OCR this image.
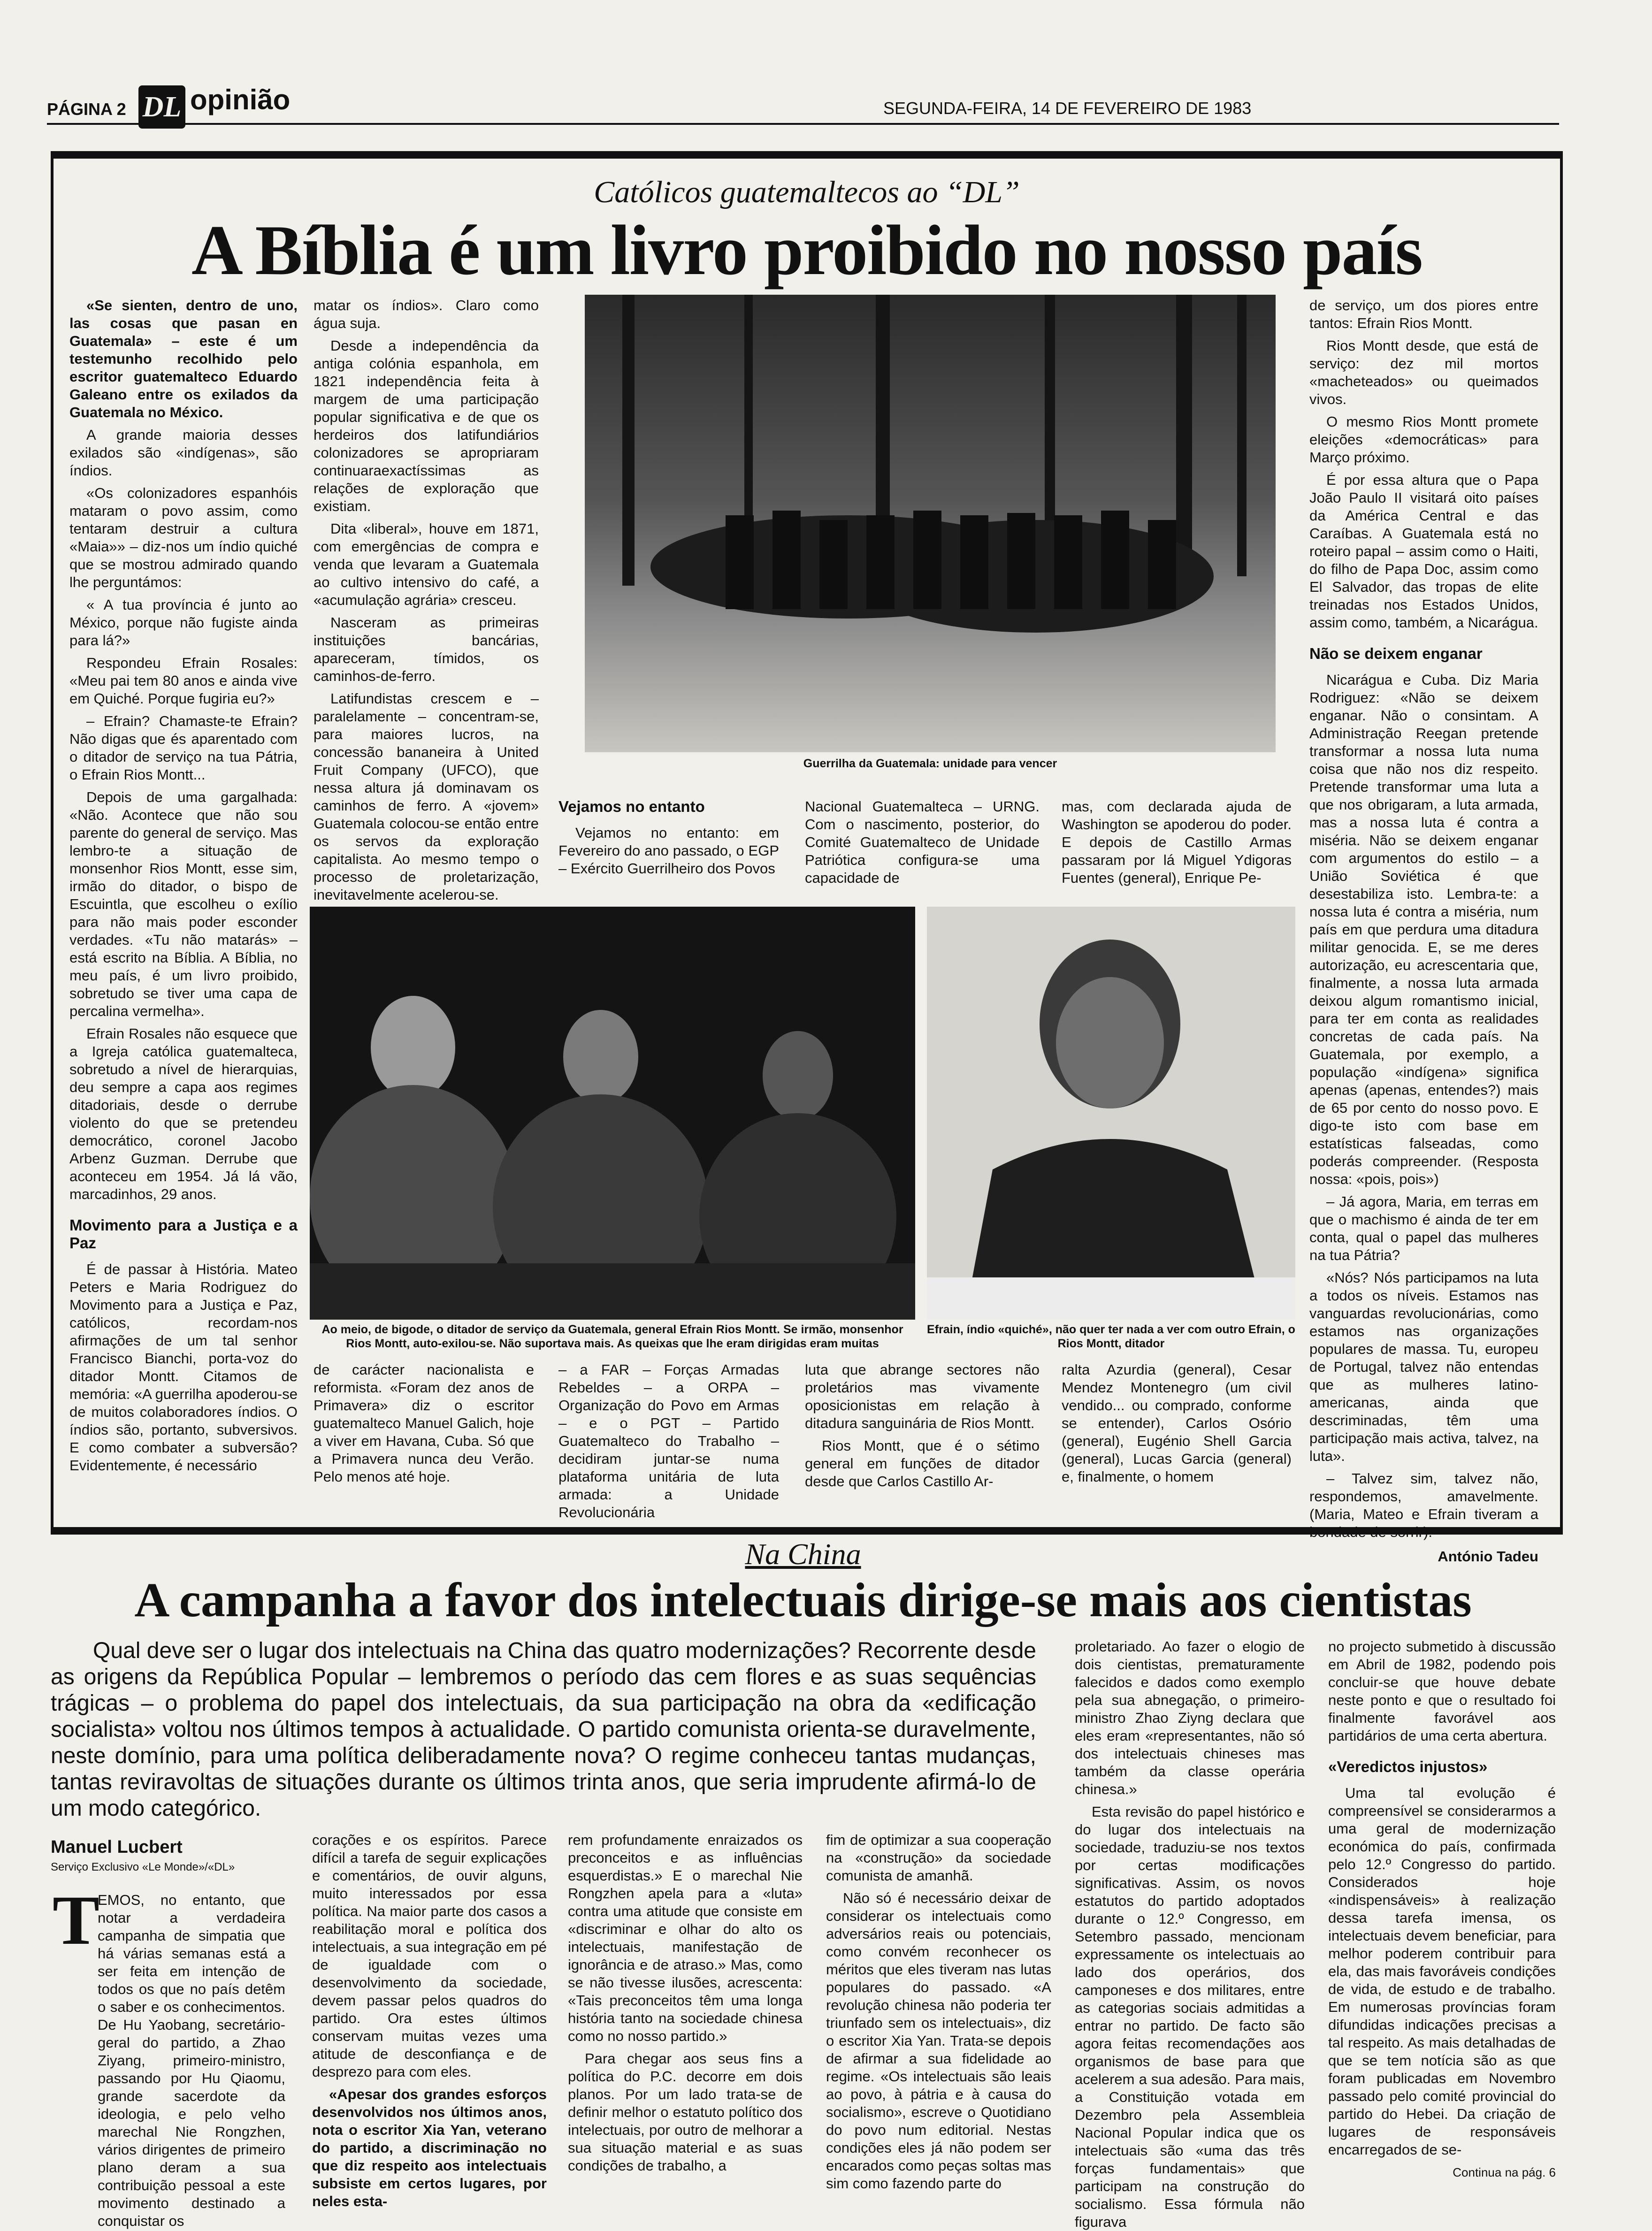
PÁGINA 2 DL opinião	SEGUNDA-FEIRA, 14 DE FEVEREIRO DE 1983
Católicos guatemaltecos ao “DL”
A Bíblia é um livro proibido no nosso país

«Se sienten, dentro de uno, las cosas que pasan en Guatemala» – este é um testemunho recolhido pelo escritor guatemalteco Eduardo Galeano entre os exilados da Guatemala no México.

A grande maioria desses exilados são «indígenas», são índios.

«Os colonizadores espanhóis mataram o povo assim, como tentaram destruir a cultura «Maia»» – diz-nos um índio quiché que se mostrou admirado quando lhe perguntámos:

« A tua província é junto ao México, porque não fugiste ainda para lá?»

Respondeu Efrain Rosales: «Meu pai tem 80 anos e ainda vive em Quiché. Porque fugiria eu?»

– Efrain? Chamaste-te Efrain? Não digas que és aparentado com o ditador de serviço na tua Pátria, o Efrain Rios Montt...

Depois de uma gargalhada: «Não. Acontece que não sou parente do general de serviço. Mas lembro-te a situação de monsenhor Rios Montt, esse sim, irmão do ditador, o bispo de Escuintla, que escolheu o exílio para não mais poder esconder verdades. «Tu não matarás» – está escrito na Bíblia. A Bíblia, no meu país, é um livro proibido, sobretudo se tiver uma capa de percalina vermelha».

Efrain Rosales não esquece que a Igreja católica guatemalteca, sobretudo a nível de hierarquias, deu sempre a capa aos regimes ditadoriais, desde o derrube violento do que se pretendeu democrático, coronel Jacobo Arbenz Guzman. Derrube que aconteceu em 1954. Já lá vão, marcadinhos, 29 anos.

Movimento para a Justiça e a Paz

É de passar à História. Mateo Peters e Maria Rodriguez do Movimento para a Justiça e Paz, católicos, recordam-nos afirmações de um tal senhor Francisco Bianchi, porta-voz do ditador Montt. Citamos de memória: «A guerrilha apoderou-se de muitos colaboradores índios. O índios são, portanto, subversivos. E como combater a subversão? Evidentemente, é necessário

matar os índios». Claro como água suja.

Desde a independência da antiga colónia espanhola, em 1821 independência feita à margem de uma participação popular significativa e de que os herdeiros dos latifundiários colonizadores se apropriaram continuaraexactíssimas as relações de exploração que existiam.

Dita «liberal», houve em 1871, com emergências de compra e venda que levaram a Guatemala ao cultivo intensivo do café, a «acumulação agrária» cresceu.

Nasceram as primeiras instituições bancárias, apareceram, tímidos, os caminhos-de-ferro.

Latifundistas crescem e – paralelamente – concentram-se, para maiores lucros, na concessão bananeira à United Fruit Company (UFCO), que nessa altura já dominavam os caminhos de ferro. A «jovem» Guatemala colocou-se então entre os servos da exploração capitalista. Ao mesmo tempo o processo de proletarização, inevitavelmente acelerou-se.

Guerrilha da Guatemala: unidade para vencer
Vejamos no entanto

Vejamos no entanto: em Fevereiro do ano passado, o EGP – Exército Guerrilheiro dos Povos

Nacional Guatemalteca – URNG. Com o nascimento, posterior, do Comité Guatemalteco de Unidade Patriótica configura-se uma capacidade de

mas, com declarada ajuda de Washington se apoderou do poder. E depois de Castillo Armas passaram por lá Miguel Ydigoras Fuentes (general), Enrique Pe-

de serviço, um dos piores entre tantos: Efrain Rios Montt.

Rios Montt desde, que está de serviço: dez mil mortos «macheteados» ou queimados vivos.

O mesmo Rios Montt promete eleições «democráticas» para Março próximo.

É por essa altura que o Papa João Paulo II visitará oito países da América Central e das Caraíbas. A Guatemala está no roteiro papal – assim como o Haiti, do filho de Papa Doc, assim como El Salvador, das tropas de elite treinadas nos Estados Unidos, assim como, também, a Nicarágua.

Não se deixem enganar

Nicarágua e Cuba. Diz Maria Rodriguez: «Não se deixem enganar. Não o consintam. A Administração Reegan pretende transformar a nossa luta numa coisa que não nos diz respeito. Pretende transformar uma luta a que nos obrigaram, a luta armada, mas a nossa luta é contra a miséria. Não se deixem enganar com argumentos do estilo – a União Soviética é que desestabiliza isto. Lembra-te: a nossa luta é contra a miséria, num país em que perdura uma ditadura militar genocida. E, se me deres autorização, eu acrescentaria que, finalmente, a nossa luta armada deixou algum romantismo inicial, para ter em conta as realidades concretas de cada país. Na Guatemala, por exemplo, a população «indígena» significa apenas (apenas, entendes?) mais de 65 por cento do nosso povo. E digo-te isto com base em estatísticas falseadas, como poderás compreender. (Resposta nossa: «pois, pois»)

– Já agora, Maria, em terras em que o machismo é ainda de ter em conta, qual o papel das mulheres na tua Pátria?

«Nós? Nós participamos na luta a todos os níveis. Estamos nas vanguardas revolucionárias, como estamos nas organizações populares de massa. Tu, europeu de Portugal, talvez não entendas que as mulheres latino-americanas, ainda que descriminadas, têm uma participação mais activa, talvez, na luta».

– Talvez sim, talvez não, respondemos, amavelmente. (Maria, Mateo e Efrain tiveram a bondade de sorrir).

António Tadeu
Ao meio, de bigode, o ditador de serviço da Guatemala, general Efrain Rios Montt. Se irmão, monsenhor Rios Montt, auto-exilou-se. Não suportava mais. As queixas que lhe eram dirigidas eram muitas
Efrain, índio «quiché», não quer ter nada a ver com outro Efrain, o Rios Montt, ditador

de carácter nacionalista e reformista. «Foram dez anos de Primavera» diz o escritor guatemalteco Manuel Galich, hoje a viver em Havana, Cuba. Só que a Primavera nunca deu Verão. Pelo menos até hoje.

– a FAR – Forças Armadas Rebeldes – a ORPA – Organização do Povo em Armas – e o PGT – Partido Guatemalteco do Trabalho – decidiram juntar-se numa plataforma unitária de luta armada: a Unidade Revolucionária

luta que abrange sectores não proletários mas vivamente oposicionistas em relação à ditadura sanguinária de Rios Montt.

Rios Montt, que é o sétimo general em funções de ditador desde que Carlos Castillo Ar-

ralta Azurdia (general), Cesar Mendez Montenegro (um civil vendido... ou comprado, conforme se entender), Carlos Osório (general), Eugénio Shell Garcia (general), Lucas Garcia (general) e, finalmente, o homem

Na China
A campanha a favor dos intelectuais dirige-se mais aos cientistas
Qual deve ser o lugar dos intelectuais na China das quatro modernizações? Recorrente desde as origens da República Popular – lembremos o período das cem flores e as suas sequências trágicas – o problema do papel dos intelectuais, da sua participação na obra da «edificação socialista» voltou nos últimos tempos à actualidade. O partido comunista orienta-se duravelmente, neste domínio, para uma política deliberadamente nova? O regime conheceu tantas mudanças, tantas reviravoltas de situações durante os últimos trinta anos, que seria imprudente afirmá-lo de um modo categórico.
Manuel Lucbert
Serviço Exclusivo «Le Monde»/«DL»
T

EMOS, no entanto, que notar a verdadeira campanha de simpatia que há várias semanas está a ser feita em intenção de todos os que no país detêm o saber e os conhecimentos. De Hu Yaobang, secretário-geral do partido, a Zhao Ziyang, primeiro-ministro, passando por Hu Qiaomu, grande sacerdote da ideologia, e pelo velho marechal Nie Rongzhen, vários dirigentes de primeiro plano deram a sua contribuição pessoal a este movimento destinado a conquistar os

corações e os espíritos. Parece difícil a tarefa de seguir explicações e comentários, de ouvir alguns, muito interessados por essa política. Na maior parte dos casos a reabilitação moral e política dos intelectuais, a sua integração em pé de igualdade com o desenvolvimento da sociedade, devem passar pelos quadros do partido. Ora estes últimos conservam muitas vezes uma atitude de desconfiança e de desprezo para com eles.

«Apesar dos grandes esforços desenvolvidos nos últimos anos, nota o escritor Xia Yan, veterano do partido, a discriminação no que diz respeito aos intelectuais subsiste em certos lugares, por neles esta-

rem profundamente enraizados os preconceitos e as influências esquerdistas.» E o marechal Nie Rongzhen apela para a «luta» contra uma atitude que consiste em «discriminar e olhar do alto os intelectuais, manifestação de ignorância e de atraso.» Mas, como se não tivesse ilusões, acrescenta: «Tais preconceitos têm uma longa história tanto na sociedade chinesa como no nosso partido.»

Para chegar aos seus fins a política do P.C. decorre em dois planos. Por um lado trata-se de definir melhor o estatuto político dos intelectuais, por outro de melhorar a sua situação material e as suas condições de trabalho, a

fim de optimizar a sua cooperação na «construção» da sociedade comunista de amanhã.

Não só é necessário deixar de considerar os intelectuais como adversários reais ou potenciais, como convém reconhecer os méritos que eles tiveram nas lutas populares do passado. «A revolução chinesa não poderia ter triunfado sem os intelectuais», diz o escritor Xia Yan. Trata-se depois de afirmar a sua fidelidade ao regime. «Os intelectuais são leais ao povo, à pátria e à causa do socialismo», escreve o Quotidiano do povo num editorial. Nestas condições eles já não podem ser encarados como peças soltas mas sim como fazendo parte do

proletariado. Ao fazer o elogio de dois cientistas, prematuramente falecidos e dados como exemplo pela sua abnegação, o primeiro-ministro Zhao Ziyng declara que eles eram «representantes, não só dos intelectuais chineses mas também da classe operária chinesa.»

Esta revisão do papel histórico e do lugar dos intelectuais na sociedade, traduziu-se nos textos por certas modificações significativas. Assim, os novos estatutos do partido adoptados durante o 12.º Congresso, em Setembro passado, mencionam expressamente os intelectuais ao lado dos operários, dos camponeses e dos militares, entre as categorias sociais admitidas a entrar no partido. De facto são agora feitas recomendações aos organismos de base para que acelerem a sua adesão. Para mais, a Constituição votada em Dezembro pela Assembleia Nacional Popular indica que os intelectuais são «uma das três forças fundamentais» que participam na construção do socialismo. Essa fórmula não figurava

no projecto submetido à discussão em Abril de 1982, podendo pois concluir-se que houve debate neste ponto e que o resultado foi finalmente favorável aos partidários de uma certa abertura.

«Veredictos injustos»

Uma tal evolução é compreensível se considerarmos a uma geral de modernização económica do país, confirmada pelo 12.º Congresso do partido. Considerados hoje «indispensáveis» à realização dessa tarefa imensa, os intelectuais devem beneficiar, para melhor poderem contribuir para ela, das mais favoráveis condições de vida, de estudo e de trabalho. Em numerosas províncias foram difundidas indicações precisas a tal respeito. As mais detalhadas de que se tem notícia são as que foram publicadas em Novembro passado pelo comité provincial do partido do Hebei. Da criação de lugares de responsáveis encarregados de se-

Continua na pág. 6
